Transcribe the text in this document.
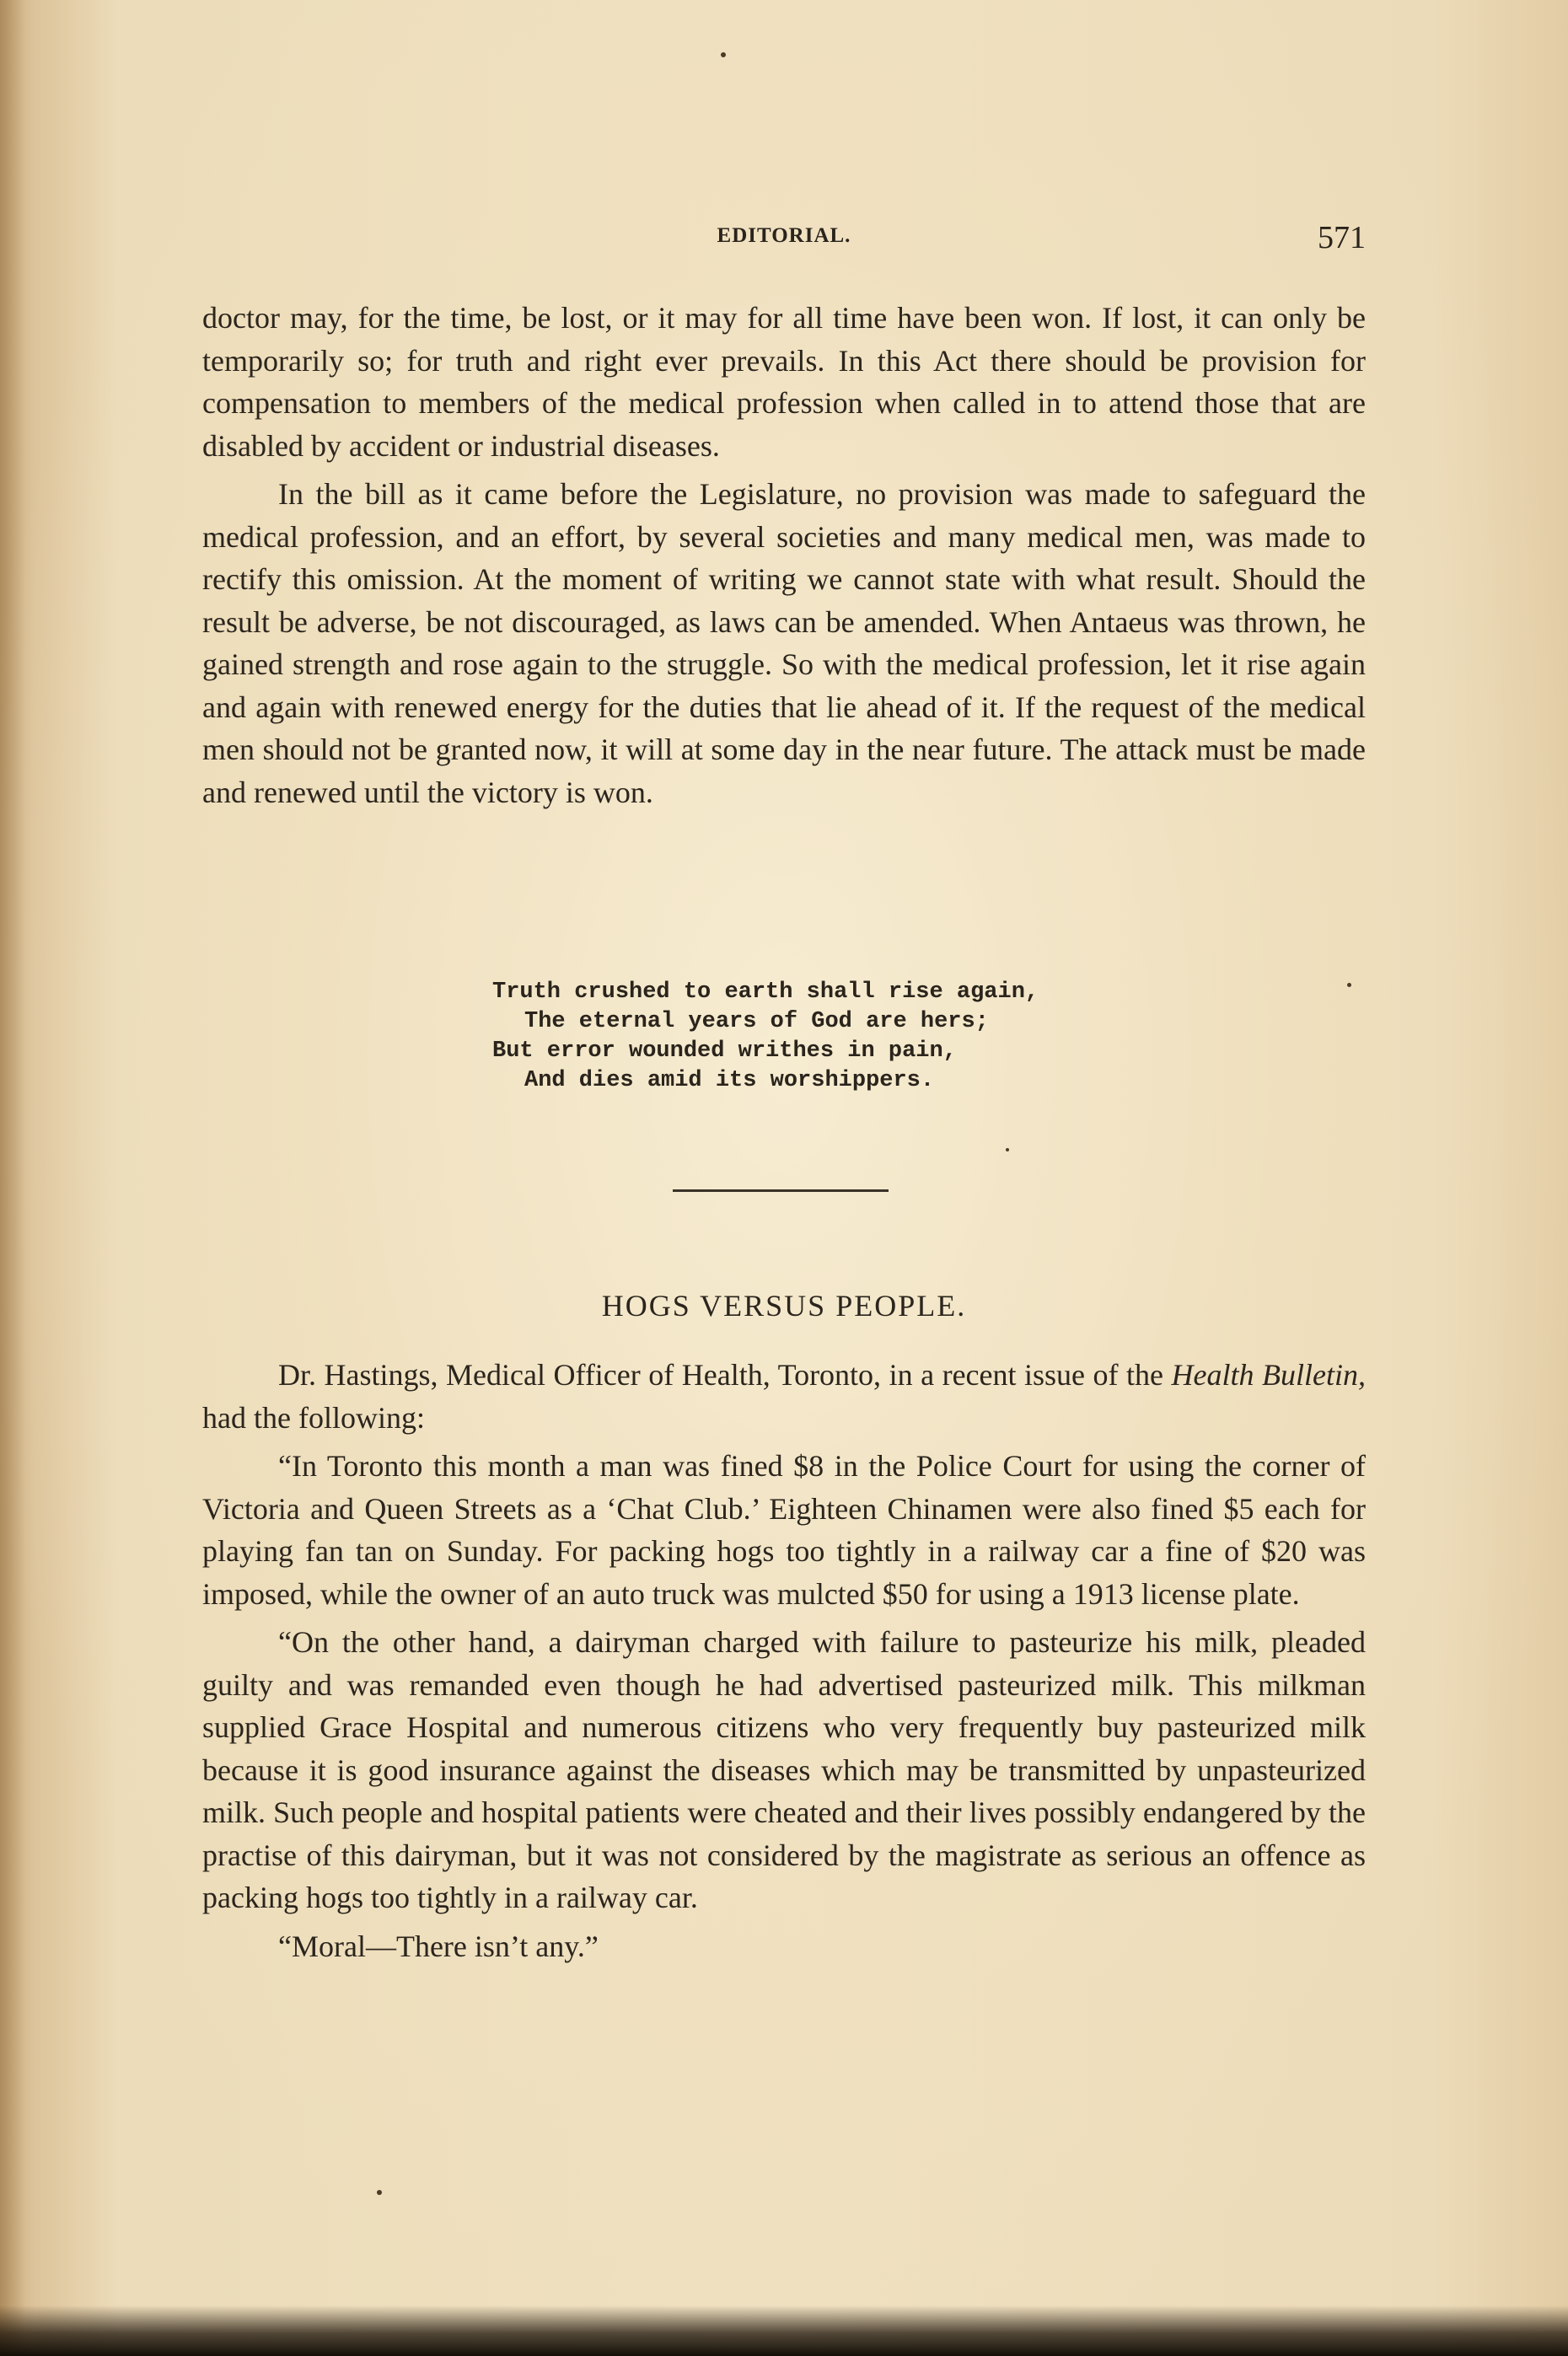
EDITORIAL.	571

doctor may, for the time, be lost, or it may for all time have been won. If lost, it can only be temporarily so; for truth and right ever prevails. In this Act there should be provision for compensation to members of the medical profession when called in to attend those that are disabled by accident or industrial diseases.

In the bill as it came before the Legislature, no provision was made to safeguard the medical profession, and an effort, by several societies and many medical men, was made to rectify this omission. At the moment of writing we cannot state with what result. Should the result be adverse, be not discouraged, as laws can be amended. When Antaeus was thrown, he gained strength and rose again to the struggle. So with the medical profession, let it rise again and again with renewed energy for the duties that lie ahead of it. If the request of the medical men should not be granted now, it will at some day in the near future. The attack must be made and renewed until the victory is won.

Truth crushed to earth shall rise again,
The eternal years of God are hers;
But error wounded writhes in pain,
And dies amid its worshippers.
HOGS VERSUS PEOPLE.

Dr. Hastings, Medical Officer of Health, Toronto, in a recent issue of the Health Bulletin, had the following:

“In Toronto this month a man was fined $8 in the Police Court for using the corner of Victoria and Queen Streets as a ‘Chat Club.’ Eighteen Chinamen were also fined $5 each for playing fan tan on Sunday. For packing hogs too tightly in a railway car a fine of $20 was imposed, while the owner of an auto truck was mulcted $50 for using a 1913 license plate.

“On the other hand, a dairyman charged with failure to pasteurize his milk, pleaded guilty and was remanded even though he had advertised pasteurized milk. This milkman supplied Grace Hospital and numerous citizens who very frequently buy pasteurized milk because it is good insurance against the diseases which may be transmitted by unpasteurized milk. Such people and hospital patients were cheated and their lives possibly endangered by the practise of this dairyman, but it was not considered by the magistrate as serious an offence as packing hogs too tightly in a railway car.

“Moral—There isn’t any.”
